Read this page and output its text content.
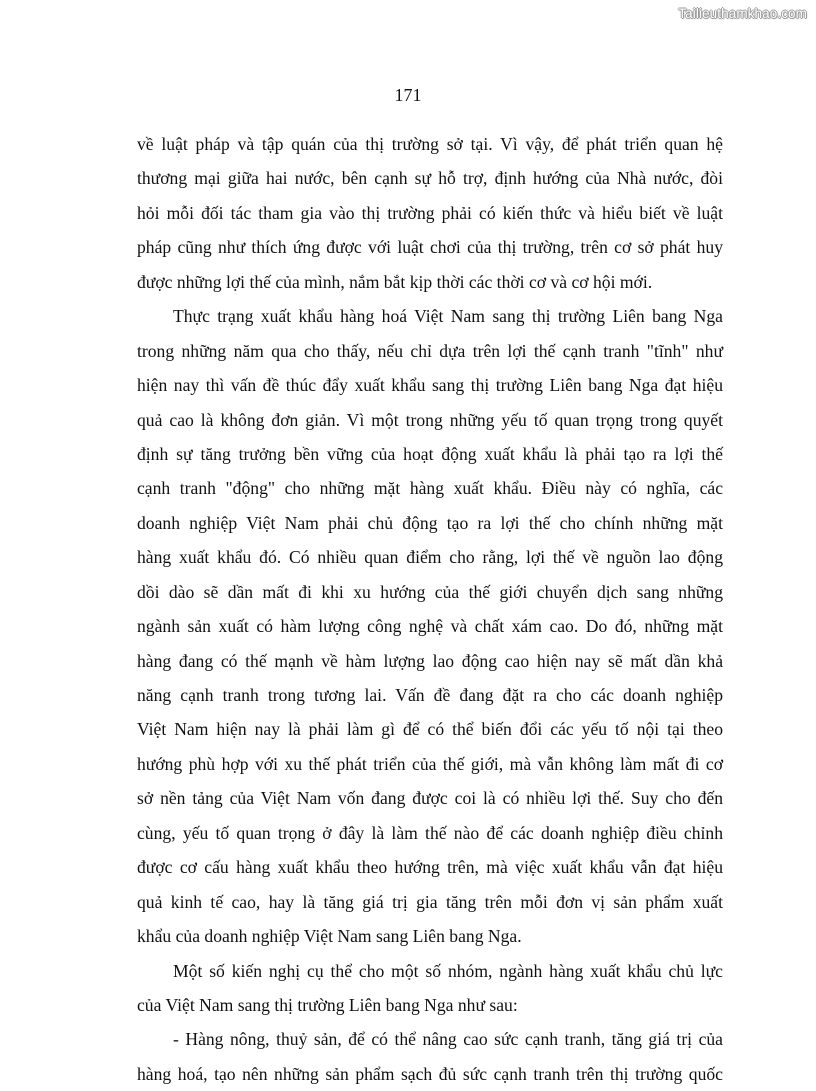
Tailieuthamkhao.com
171
về luật pháp và tập quán của thị trường sở tại. Vì vậy, để phát triển quan hệ
thương mại giữa hai nước, bên cạnh sự hỗ trợ, định hướng của Nhà nước, đòi
hỏi mỗi đối tác tham gia vào thị trường phải có kiến thức và hiểu biết về luật
pháp cũng như thích ứng được với luật chơi của thị trường, trên cơ sở phát huy
được những lợi thế của mình, nắm bắt kịp thời các thời cơ và cơ hội mới.
Thực trạng xuất khẩu hàng hoá Việt Nam sang thị trường Liên bang Nga
trong những năm qua cho thấy, nếu chỉ dựa trên lợi thế cạnh tranh "tĩnh" như
hiện nay thì vấn đề thúc đẩy xuất khẩu sang thị trường Liên bang Nga đạt hiệu
quả cao là không đơn giản. Vì một trong những yếu tố quan trọng trong quyết
định sự tăng trưởng bền vững của hoạt động xuất khẩu là phải tạo ra lợi thế
cạnh tranh "động" cho những mặt hàng xuất khẩu. Điều này có nghĩa, các
doanh nghiệp Việt Nam phải chủ động tạo ra lợi thế cho chính những mặt
hàng xuất khẩu đó. Có nhiều quan điểm cho rằng, lợi thế về nguồn lao động
dồi dào sẽ dần mất đi khi xu hướng của thế giới chuyển dịch sang những
ngành sản xuất có hàm lượng công nghệ và chất xám cao. Do đó, những mặt
hàng đang có thế mạnh về hàm lượng lao động cao hiện nay sẽ mất dần khả
năng cạnh tranh trong tương lai. Vấn đề đang đặt ra cho các doanh nghiệp
Việt Nam hiện nay là phải làm gì để có thể biến đổi các yếu tố nội tại theo
hướng phù hợp với xu thế phát triển của thế giới, mà vẫn không làm mất đi cơ
sở nền tảng của Việt Nam vốn đang được coi là có nhiều lợi thế. Suy cho đến
cùng, yếu tố quan trọng ở đây là làm thế nào để các doanh nghiệp điều chỉnh
được cơ cấu hàng xuất khẩu theo hướng trên, mà việc xuất khẩu vẫn đạt hiệu
quả kinh tế cao, hay là tăng giá trị gia tăng trên mỗi đơn vị sản phẩm xuất
khẩu của doanh nghiệp Việt Nam sang Liên bang Nga.
Một số kiến nghị cụ thể cho một số nhóm, ngành hàng xuất khẩu chủ lực
của Việt Nam sang thị trường Liên bang Nga như sau:
- Hàng nông, thuỷ sản, để có thể nâng cao sức cạnh tranh, tăng giá trị của
hàng hoá, tạo nên những sản phẩm sạch đủ sức cạnh tranh trên thị trường quốc
